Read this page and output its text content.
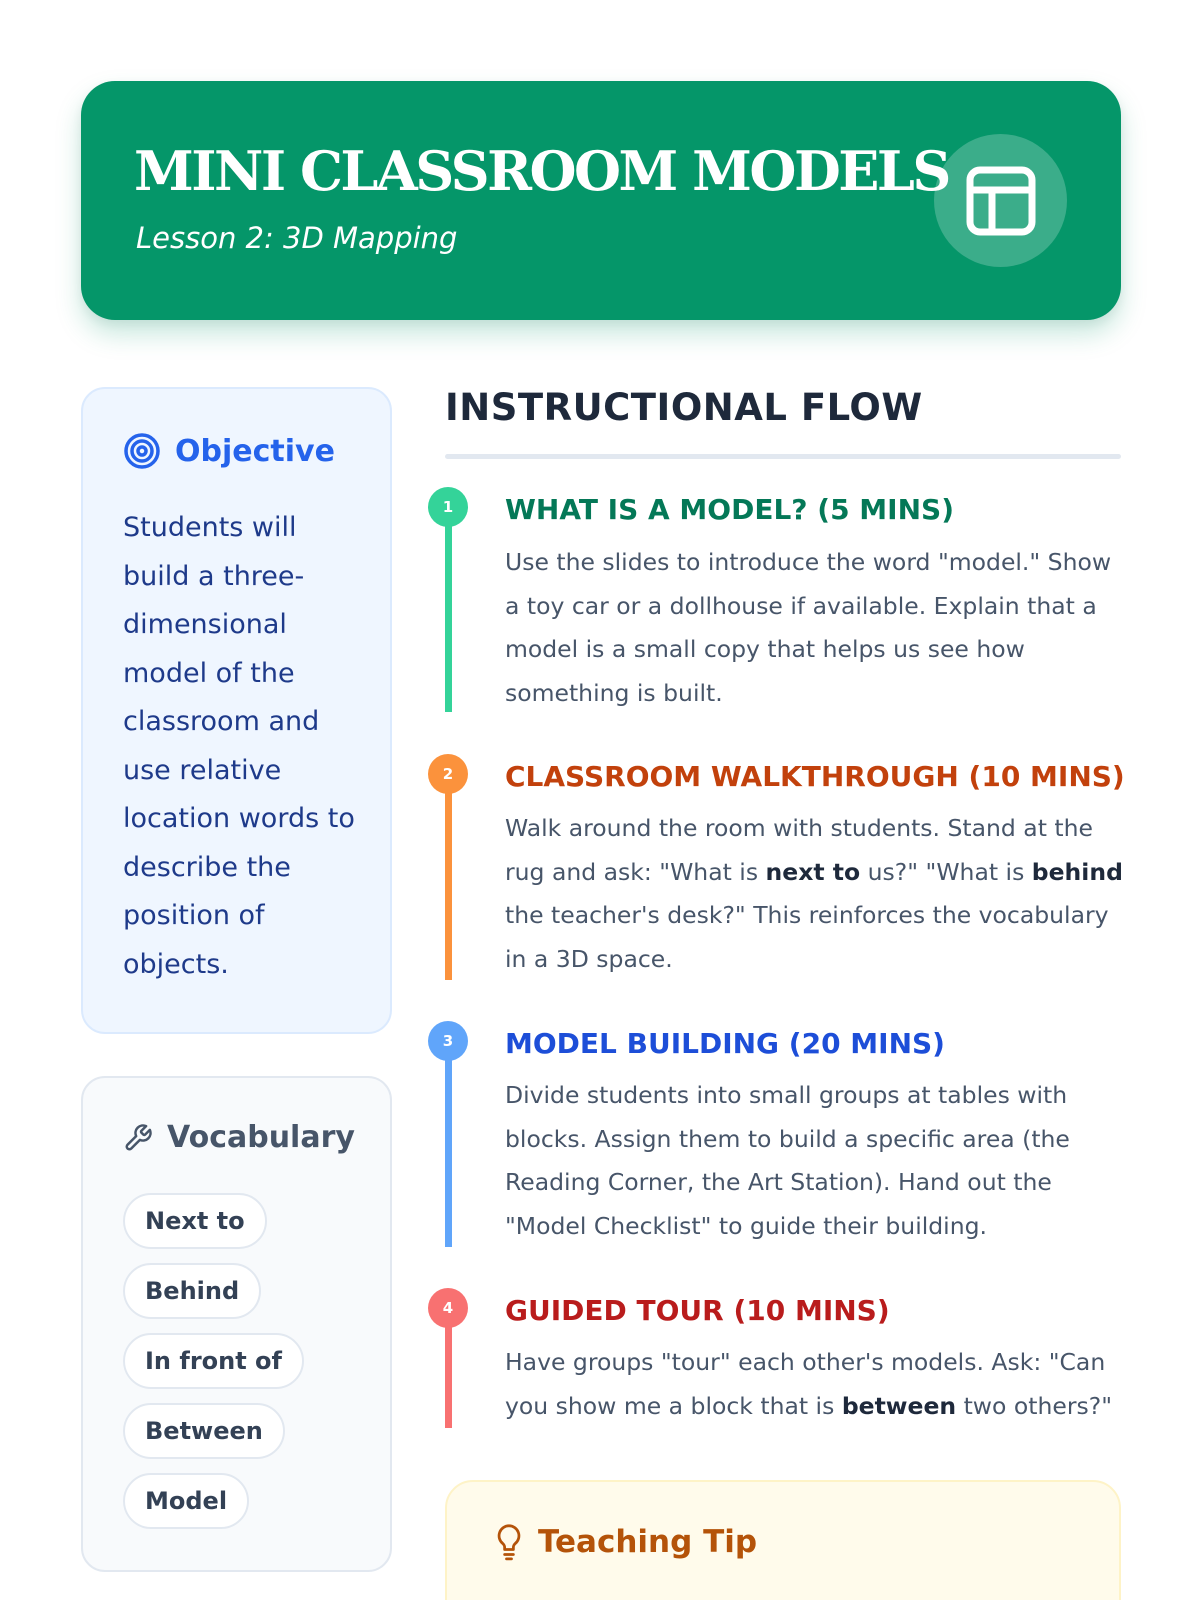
MINI CLASSROOM MODELS
Lesson 2: 3D Mapping
Objective
Students will build a three-dimensional model of the classroom and use relative location words to describe the position of objects.
Vocabulary
Next to
Behind
In front of
Between
Model
INSTRUCTIONAL FLOW
1	WHAT IS A MODEL? (5 MINS)
Use the slides to introduce the word "model." Show a toy car or a dollhouse if available. Explain that a model is a small copy that helps us see how something is built.
2	CLASSROOM WALKTHROUGH (10 MINS)
Walk around the room with students. Stand at the rug and ask: "What is next to us?" "What is behind the teacher's desk?" This reinforces the vocabulary in a 3D space.
3	MODEL BUILDING (20 MINS)
Divide students into small groups at tables with blocks. Assign them to build a specific area (the Reading Corner, the Art Station). Hand out the "Model Checklist" to guide their building.
4	GUIDED TOUR (10 MINS)
Have groups "tour" each other's models. Ask: "Can you show me a block that is between two others?"
Teaching Tip
